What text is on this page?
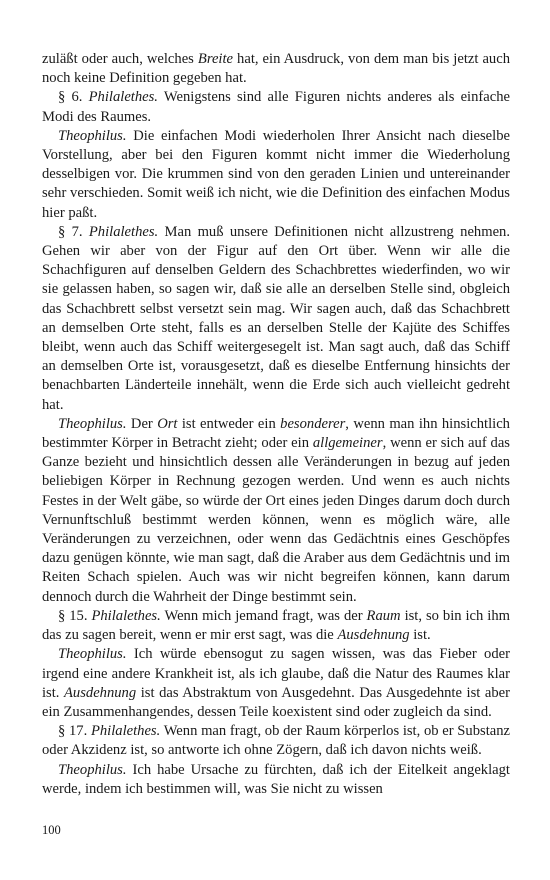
zuläßt oder auch, welches Breite hat, ein Ausdruck, von dem man bis jetzt auch noch keine Definition gegeben hat.

§ 6. Philalethes. Wenigstens sind alle Figuren nichts anderes als einfache Modi des Raumes.

Theophilus. Die einfachen Modi wiederholen Ihrer Ansicht nach dieselbe Vorstellung, aber bei den Figuren kommt nicht immer die Wiederholung desselbigen vor. Die krummen sind von den geraden Linien und untereinander sehr verschieden. Somit weiß ich nicht, wie die Definition des einfachen Modus hier paßt.

§ 7. Philalethes. Man muß unsere Definitionen nicht allzustreng nehmen. Gehen wir aber von der Figur auf den Ort über. Wenn wir alle die Schachfiguren auf denselben Geldern des Schachbrettes wiederfinden, wo wir sie gelassen haben, so sagen wir, daß sie alle an derselben Stelle sind, obgleich das Schachbrett selbst versetzt sein mag. Wir sagen auch, daß das Schachbrett an demselben Orte steht, falls es an derselben Stelle der Kajüte des Schiffes bleibt, wenn auch das Schiff weitergesegelt ist. Man sagt auch, daß das Schiff an demselben Orte ist, vorausgesetzt, daß es dieselbe Entfernung hinsichts der benachbarten Länderteile innehält, wenn die Erde sich auch vielleicht gedreht hat.

Theophilus. Der Ort ist entweder ein besonderer, wenn man ihn hinsichtlich bestimmter Körper in Betracht zieht; oder ein allgemeiner, wenn er sich auf das Ganze bezieht und hinsichtlich dessen alle Veränderungen in bezug auf jeden beliebigen Körper in Rechnung gezogen werden. Und wenn es auch nichts Festes in der Welt gäbe, so würde der Ort eines jeden Dinges darum doch durch Vernunftschluß bestimmt werden können, wenn es möglich wäre, alle Veränderungen zu verzeichnen, oder wenn das Gedächtnis eines Geschöpfes dazu genügen könnte, wie man sagt, daß die Araber aus dem Gedächtnis und im Reiten Schach spielen. Auch was wir nicht begreifen können, kann darum dennoch durch die Wahrheit der Dinge bestimmt sein.

§ 15. Philalethes. Wenn mich jemand fragt, was der Raum ist, so bin ich ihm das zu sagen bereit, wenn er mir erst sagt, was die Ausdehnung ist.

Theophilus. Ich würde ebensogut zu sagen wissen, was das Fieber oder irgend eine andere Krankheit ist, als ich glaube, daß die Natur des Raumes klar ist. Ausdehnung ist das Abstraktum von Ausgedehnt. Das Ausgedehnte ist aber ein Zusammenhangendes, dessen Teile koexistent sind oder zugleich da sind.

§ 17. Philalethes. Wenn man fragt, ob der Raum körperlos ist, ob er Substanz oder Akzidenz ist, so antworte ich ohne Zögern, daß ich davon nichts weiß.

Theophilus. Ich habe Ursache zu fürchten, daß ich der Eitelkeit angeklagt werde, indem ich bestimmen will, was Sie nicht zu wissen

100
